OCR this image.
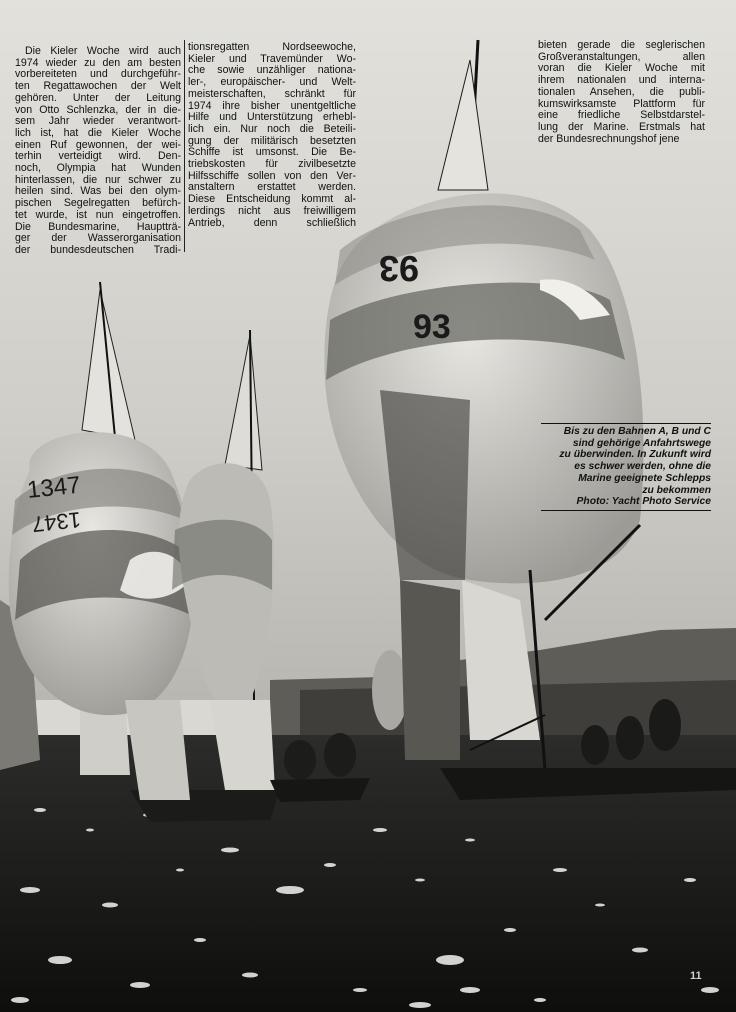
1347
1347
93
93
Die Kieler Woche wird auch
1974 wieder zu den am besten
vorbereiteten und durchgeführ-
ten Regattawochen der Welt
gehören. Unter der Leitung
von Otto Schlenzka, der in die-
sem Jahr wieder verantwort-
lich ist, hat die Kieler Woche
einen Ruf gewonnen, der wei-
terhin verteidigt wird. Den-
noch, Olympia hat Wunden
hinterlassen, die nur schwer zu
heilen sind. Was bei den olym-
pischen Segelregatten befürch-
tet wurde, ist nun eingetroffen.
Die Bundesmarine, Hauptträ-
ger der Wasserorganisation
der bundesdeutschen Tradi-
tionsregatten Nordseewoche,
Kieler und Travemünder Wo-
che sowie unzähliger nationa-
ler-, europäischer- und Welt-
meisterschaften, schränkt für
1974 ihre bisher unentgeltliche
Hilfe und Unterstützung erhebl-
lich ein. Nur noch die Beteili-
gung der militärisch besetzten
Schiffe ist umsonst. Die Be-
triebskosten für zivilbesetzte
Hilfsschiffe sollen von den Ver-
anstaltern erstattet werden.
Diese Entscheidung kommt al-
lerdings nicht aus freiwilligem
Antrieb, denn schließlich
bieten gerade die seglerischen
Großveranstaltungen, allen
voran die Kieler Woche mit
ihrem nationalen und interna-
tionalen Ansehen, die publi-
kumswirksamste Plattform für
eine friedliche Selbstdarstel-
lung der Marine. Erstmals hat
der Bundesrechnungshof jene
Bis zu den Bahnen A, B und C
sind gehörige Anfahrtswege
zu überwinden. In Zukunft wird
es schwer werden, ohne die
Marine geeignete Schlepps
zu bekommen
Photo: Yacht Photo Service
11
